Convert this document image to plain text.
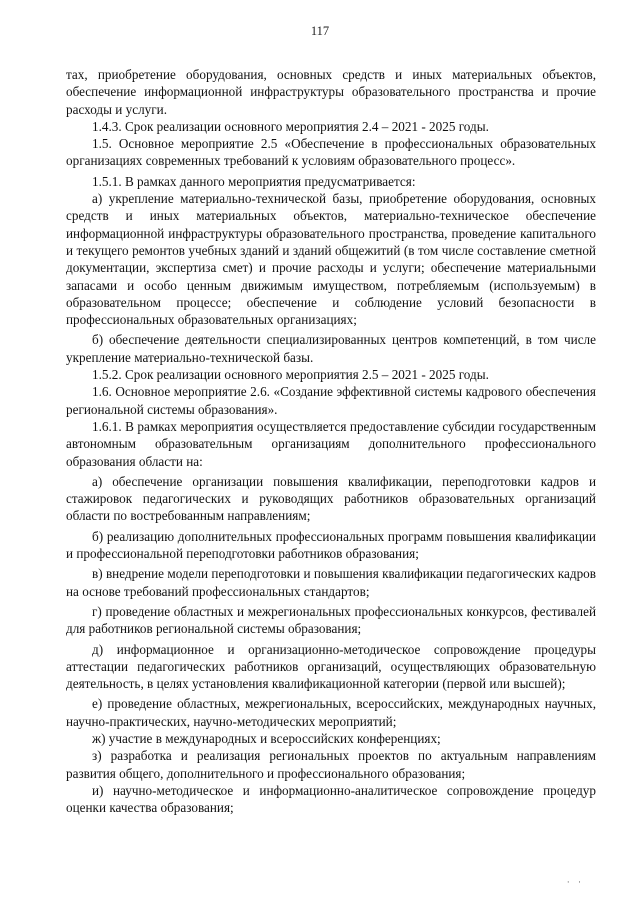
117

тах, приобретение оборудования, основных средств и иных материальных объектов, обеспечение информационной инфраструктуры образовательного пространства и прочие расходы и услуги.

1.4.3. Срок реализации основного мероприятия 2.4 – 2021 - 2025 годы.

1.5. Основное мероприятие 2.5 «Обеспечение в профессиональных образовательных организациях современных требований к условиям образовательного процесс».

1.5.1. В рамках данного мероприятия предусматривается:

а) укрепление материально-технической базы, приобретение оборудования, основных средств и иных материальных объектов, материально-техническое обеспечение информационной инфраструктуры образовательного пространства, проведение капитального и текущего ремонтов учебных зданий и зданий общежитий (в том числе составление сметной документации, экспертиза смет) и прочие расходы и услуги; обеспечение материальными запасами и особо ценным движимым имуществом, потребляемым (используемым) в образовательном процессе; обеспечение и соблюдение условий безопасности в профессиональных образовательных организациях;

б) обеспечение деятельности специализированных центров компетенций, в том числе укрепление материально-технической базы.

1.5.2. Срок реализации основного мероприятия 2.5 – 2021 - 2025 годы.

1.6. Основное мероприятие 2.6. «Создание эффективной системы кадрового обеспечения региональной системы образования».

1.6.1. В рамках мероприятия осуществляется предоставление субсидии государственным автономным образовательным организациям дополнительного профессионального образования области на:

а) обеспечение организации повышения квалификации, переподготовки кадров и стажировок педагогических и руководящих работников образовательных организаций области по востребованным направлениям;

б) реализацию дополнительных профессиональных программ повышения квалификации и профессиональной переподготовки работников образования;

в) внедрение модели переподготовки и повышения квалификации педагогических кадров на основе требований профессиональных стандартов;

г) проведение областных и межрегиональных профессиональных конкурсов, фестивалей для работников региональной системы образования;

д) информационное и организационно-методическое сопровождение процедуры аттестации педагогических работников организаций, осуществляющих образовательную деятельность, в целях установления квалификационной категории (первой или высшей);

е) проведение областных, межрегиональных, всероссийских, международных научных, научно-практических, научно-методических мероприятий;

ж) участие в международных и всероссийских конференциях;

з) разработка и реализация региональных проектов по актуальным направлениям развития общего, дополнительного и профессионального образования;

и) научно-методическое и информационно-аналитическое сопровождение процедур оценки качества образования;

· ·
